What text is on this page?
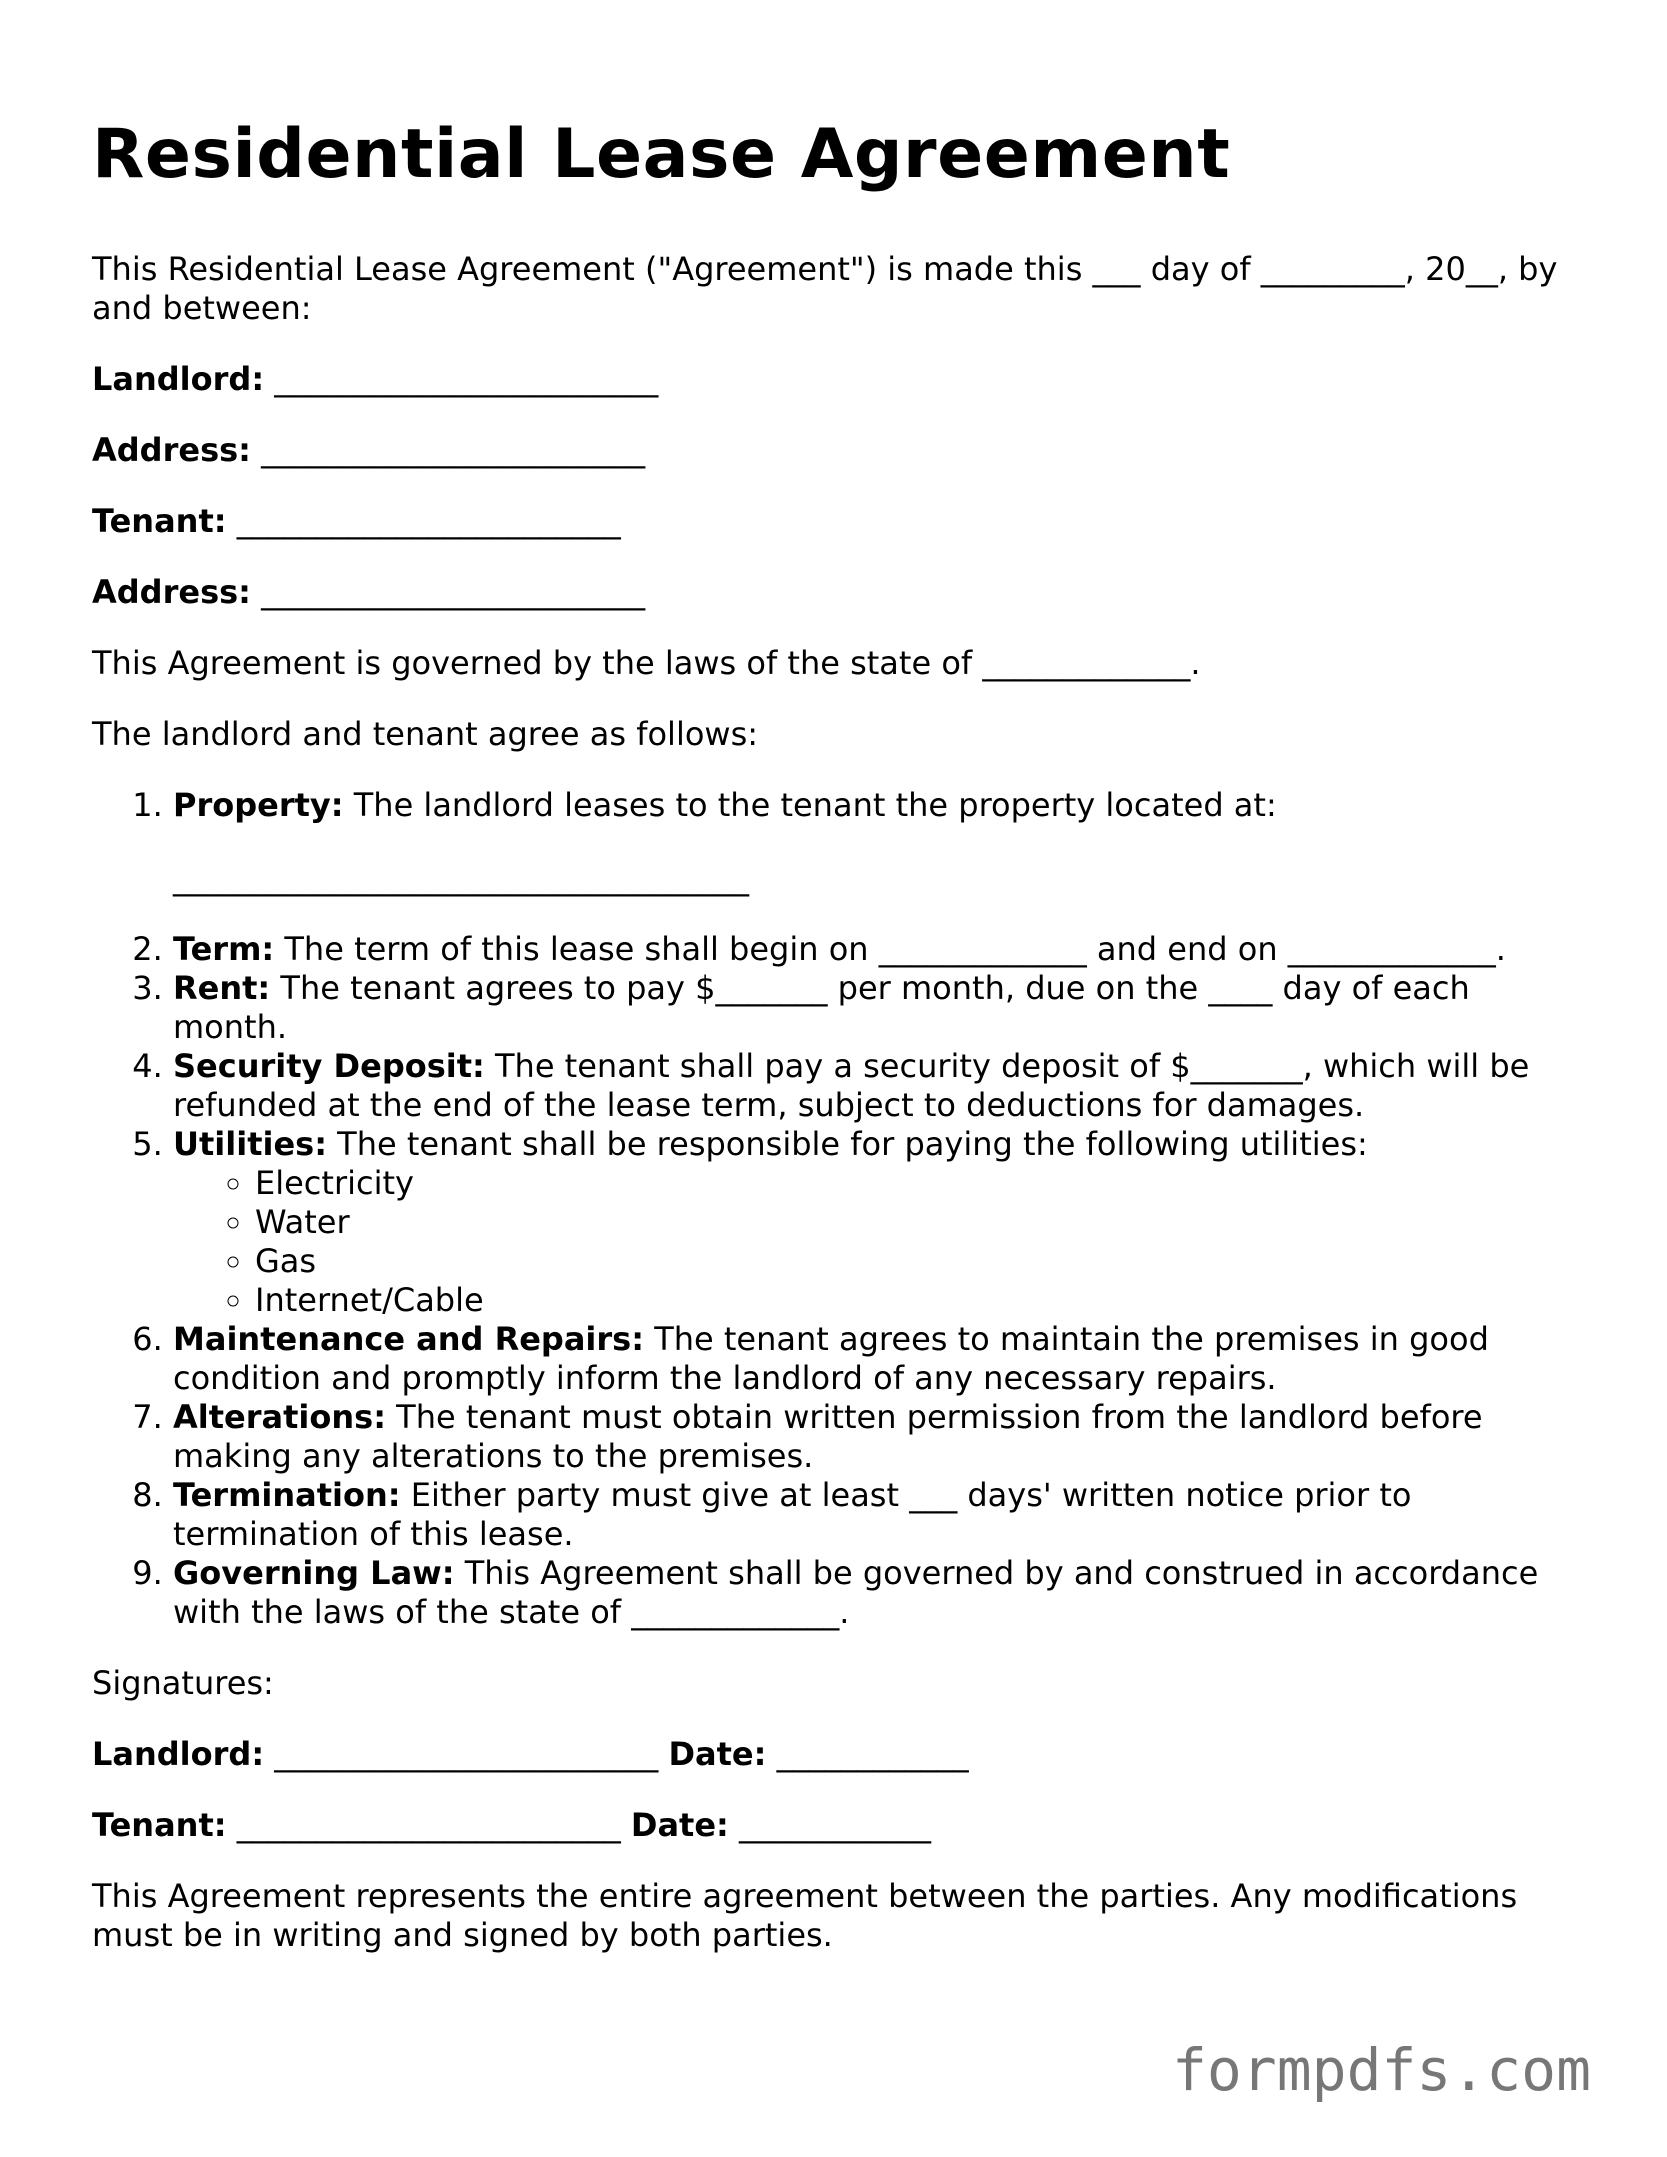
Residential Lease Agreement

This Residential Lease Agreement ("Agreement") is made this ___ day of _________, 20__, by and between:

Landlord: ________________________

Address: ________________________

Tenant: ________________________

Address: ________________________

This Agreement is governed by the laws of the state of _____________.

The landlord and tenant agree as follows:

1. Property: The landlord leases to the tenant the property located at:

____________________________________

2. Term: The term of this lease shall begin on _____________ and end on _____________.
3. Rent: The tenant agrees to pay $_______ per month, due on the ____ day of each month.
4. Security Deposit: The tenant shall pay a security deposit of $_______, which will be refunded at the end of the lease term, subject to deductions for damages.
5. Utilities: The tenant shall be responsible for paying the following utilities:
◦ Electricity
◦ Water
◦ Gas
◦ Internet/Cable
6. Maintenance and Repairs: The tenant agrees to maintain the premises in good condition and promptly inform the landlord of any necessary repairs.
7. Alterations: The tenant must obtain written permission from the landlord before making any alterations to the premises.
8. Termination: Either party must give at least ___ days' written notice prior to termination of this lease.
9. Governing Law: This Agreement shall be governed by and construed in accordance with the laws of the state of _____________.

Signatures:

Landlord: ________________________ Date: ____________

Tenant: ________________________ Date: ____________

This Agreement represents the entire agreement between the parties. Any modifications must be in writing and signed by both parties.

formpdfs.com
